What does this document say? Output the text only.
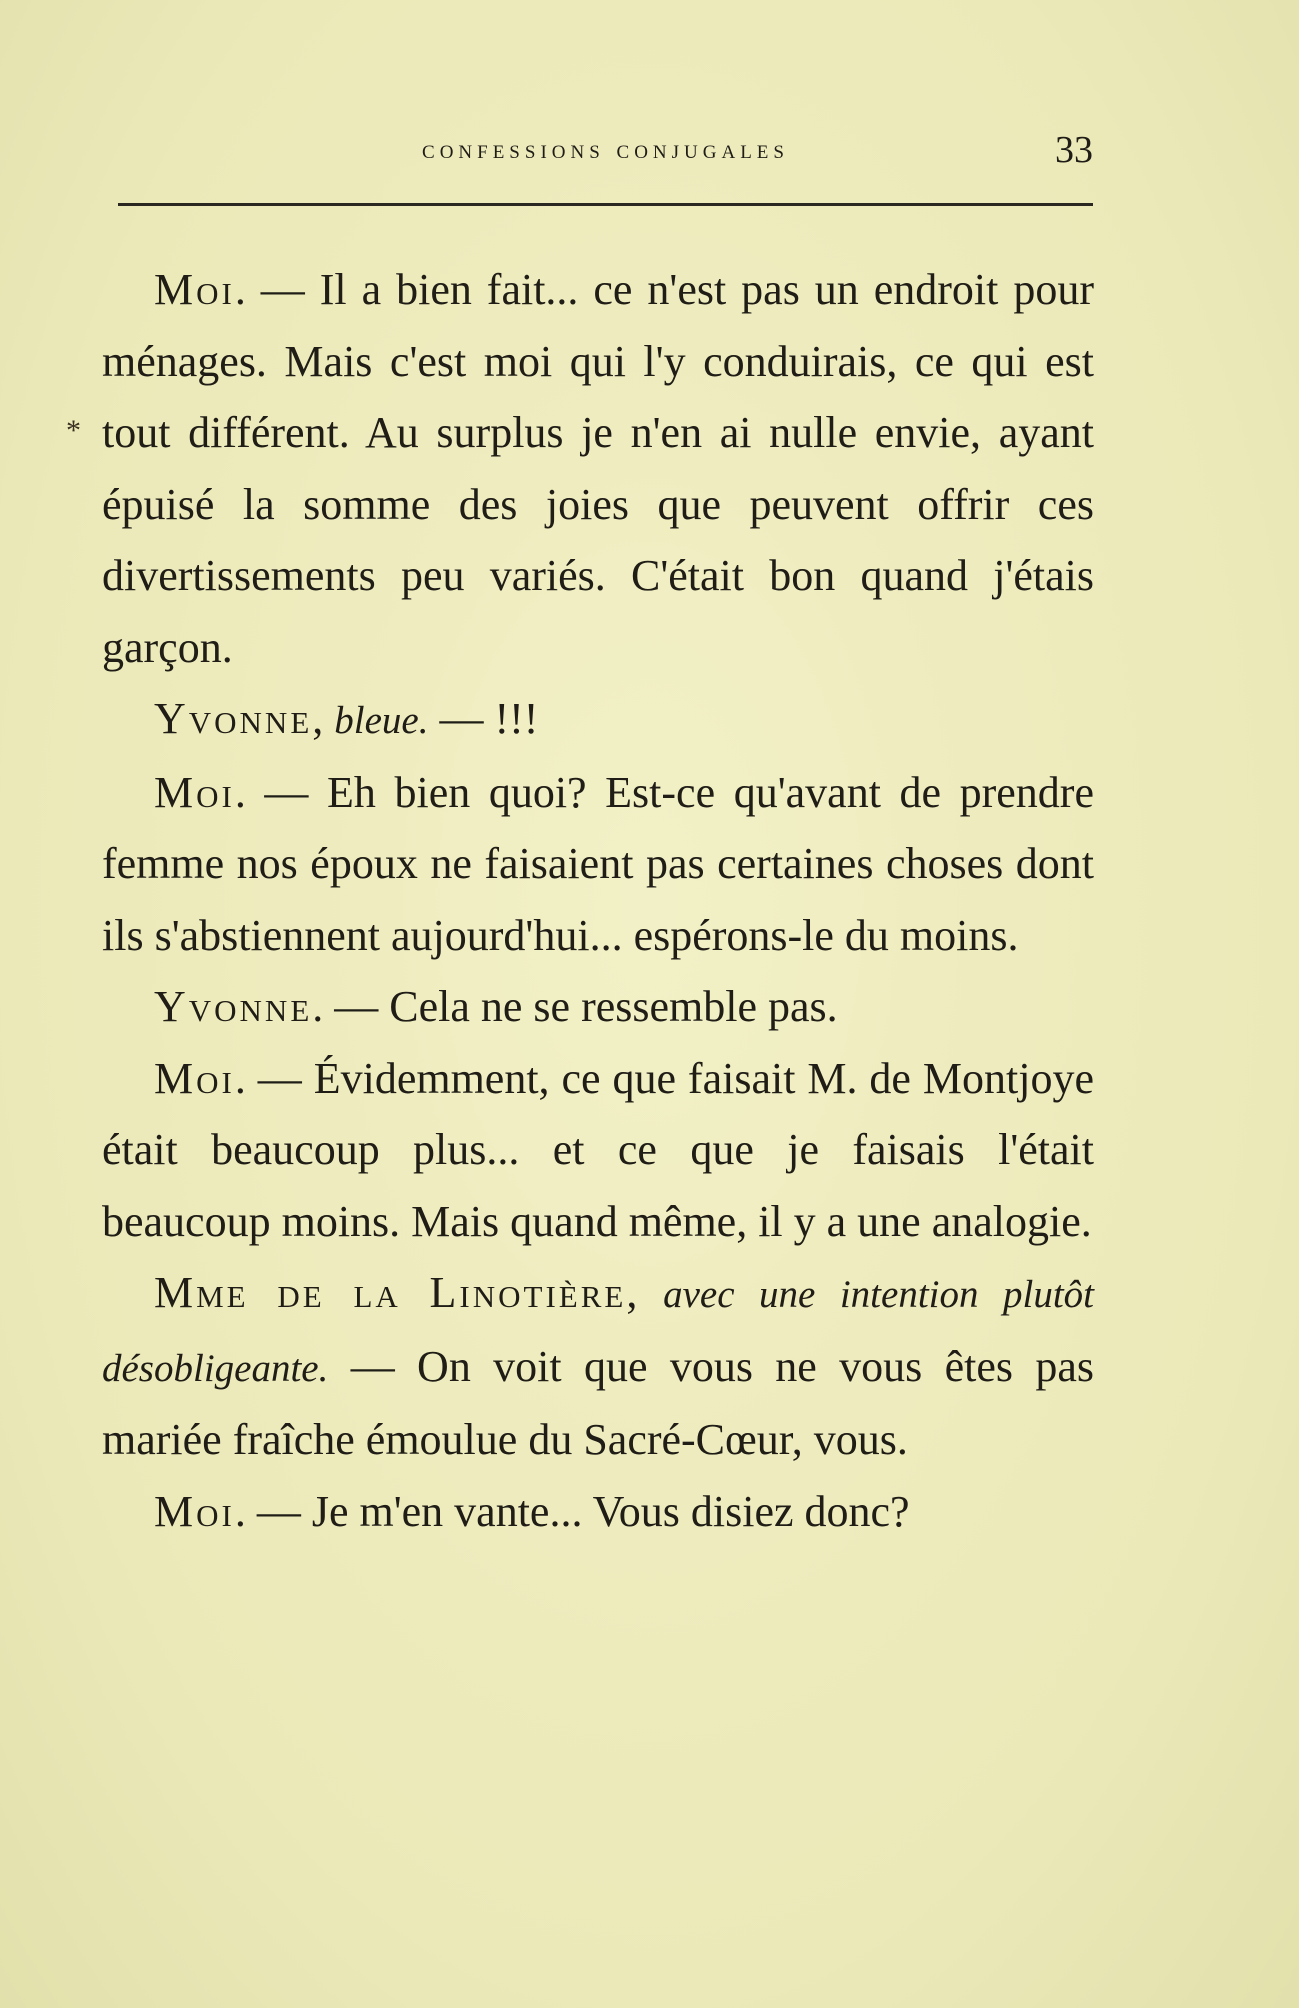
confessions conjugales	33
*

Moi. — Il a bien fait... ce n'est pas un endroit pour ménages. Mais c'est moi qui l'y conduirais, ce qui est tout différent. Au surplus je n'en ai nulle envie, ayant épuisé la somme des joies que peuvent offrir ces divertissements peu variés. C'était bon quand j'étais garçon.

Yvonne, bleue. — !!!

Moi. — Eh bien quoi? Est-ce qu'avant de prendre femme nos époux ne faisaient pas certaines choses dont ils s'abstiennent aujourd'hui... espérons-le du moins.

Yvonne. — Cela ne se ressemble pas.

Moi. — Évidemment, ce que faisait M. de Montjoye était beaucoup plus... et ce que je faisais l'était beaucoup moins. Mais quand même, il y a une analogie.

Mme de la Linotière, avec une intention plutôt désobligeante. — On voit que vous ne vous êtes pas mariée fraîche émoulue du Sacré-Cœur, vous.

Moi. — Je m'en vante... Vous disiez donc?
